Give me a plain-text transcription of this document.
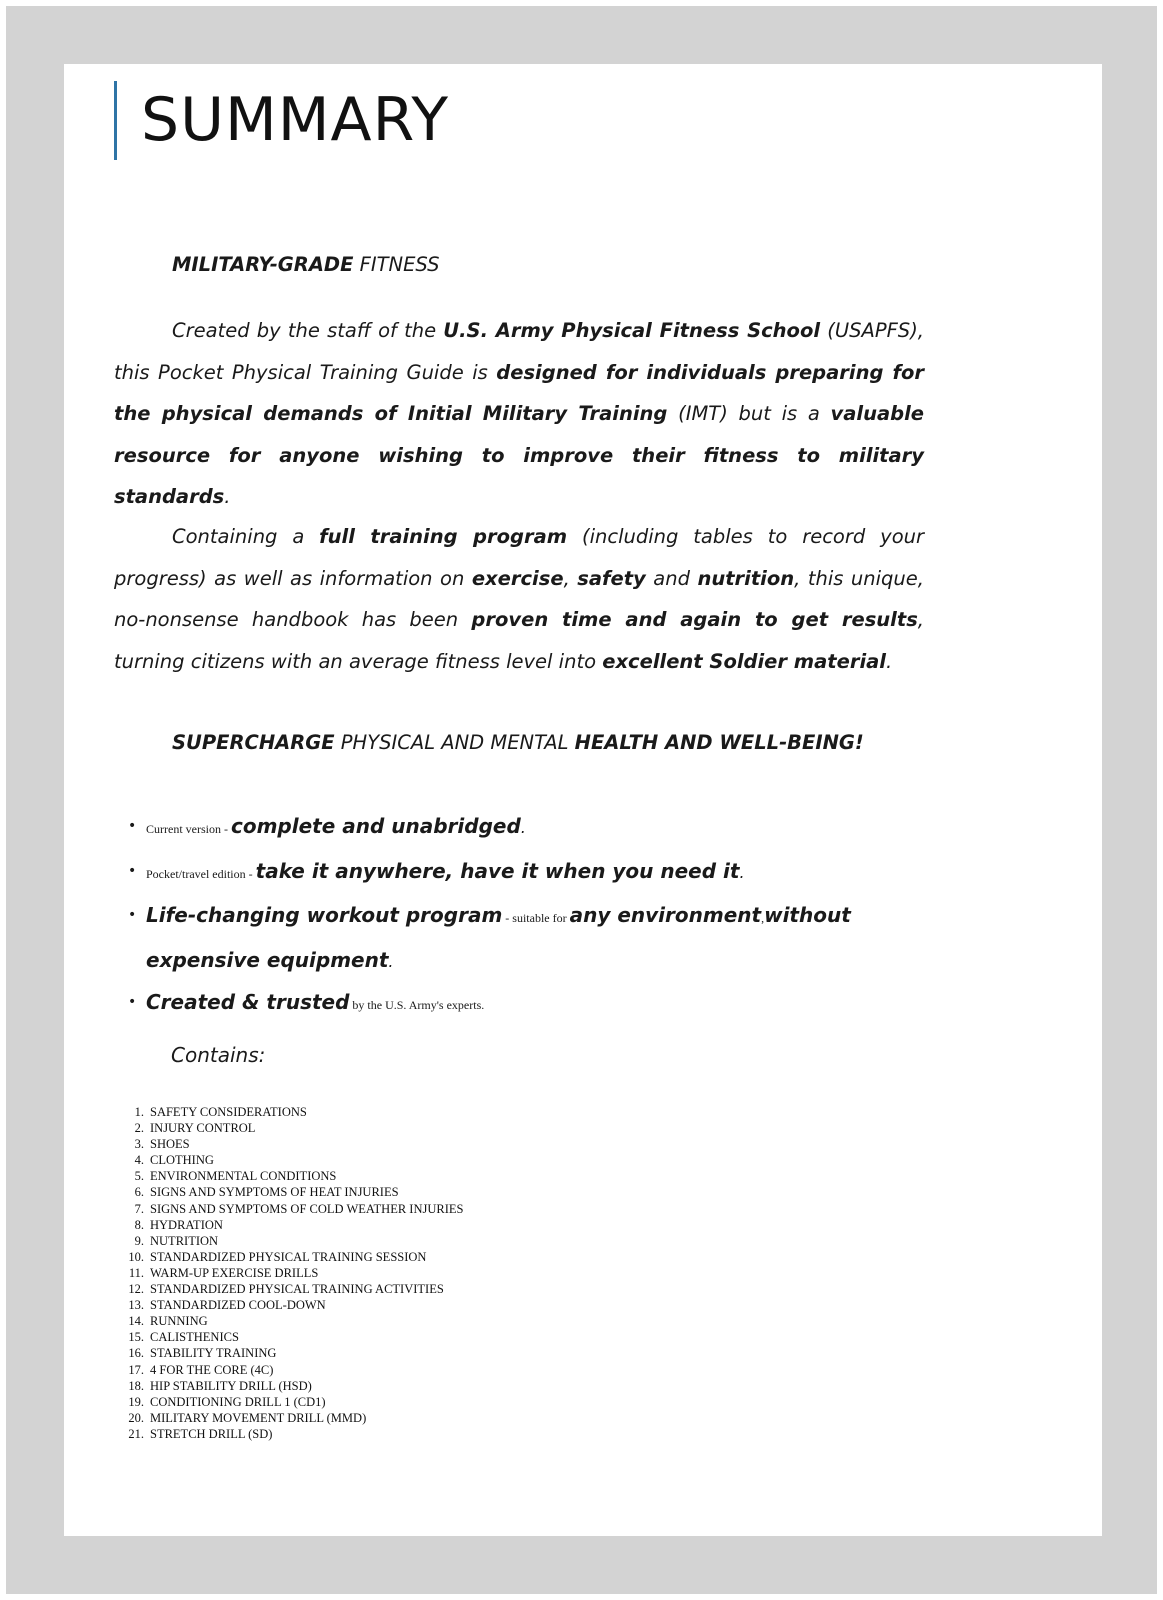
SUMMARY
MILITARY-GRADE FITNESS
Created by the staff of the U.S. Army Physical Fitness School (USAPFS), this Pocket Physical Training Guide is designed for individuals preparing for the physical demands of Initial Military Training (IMT) but is a valuable resource for anyone wishing to improve their fitness to military standards.
Containing a full training program (including tables to record your progress) as well as information on exercise, safety and nutrition, this unique, no-nonsense handbook has been proven time and again to get results, turning citizens with an average fitness level into excellent Soldier material.
SUPERCHARGE PHYSICAL AND MENTAL HEALTH AND WELL-BEING!
• Current version - complete and unabridged.
• Pocket/travel edition - take it anywhere, have it when you need it.
• Life-changing workout program - suitable for any environment,without expensive equipment.
• Created & trusted by the U.S. Army's experts.
Contains:
1. SAFETY CONSIDERATIONS
2. INJURY CONTROL
3. SHOES
4. CLOTHING
5. ENVIRONMENTAL CONDITIONS
6. SIGNS AND SYMPTOMS OF HEAT INJURIES
7. SIGNS AND SYMPTOMS OF COLD WEATHER INJURIES
8. HYDRATION
9. NUTRITION
10. STANDARDIZED PHYSICAL TRAINING SESSION
11. WARM-UP EXERCISE DRILLS
12. STANDARDIZED PHYSICAL TRAINING ACTIVITIES
13. STANDARDIZED COOL-DOWN
14. RUNNING
15. CALISTHENICS
16. STABILITY TRAINING
17. 4 FOR THE CORE (4C)
18. HIP STABILITY DRILL (HSD)
19. CONDITIONING DRILL 1 (CD1)
20. MILITARY MOVEMENT DRILL (MMD)
21. STRETCH DRILL (SD)
